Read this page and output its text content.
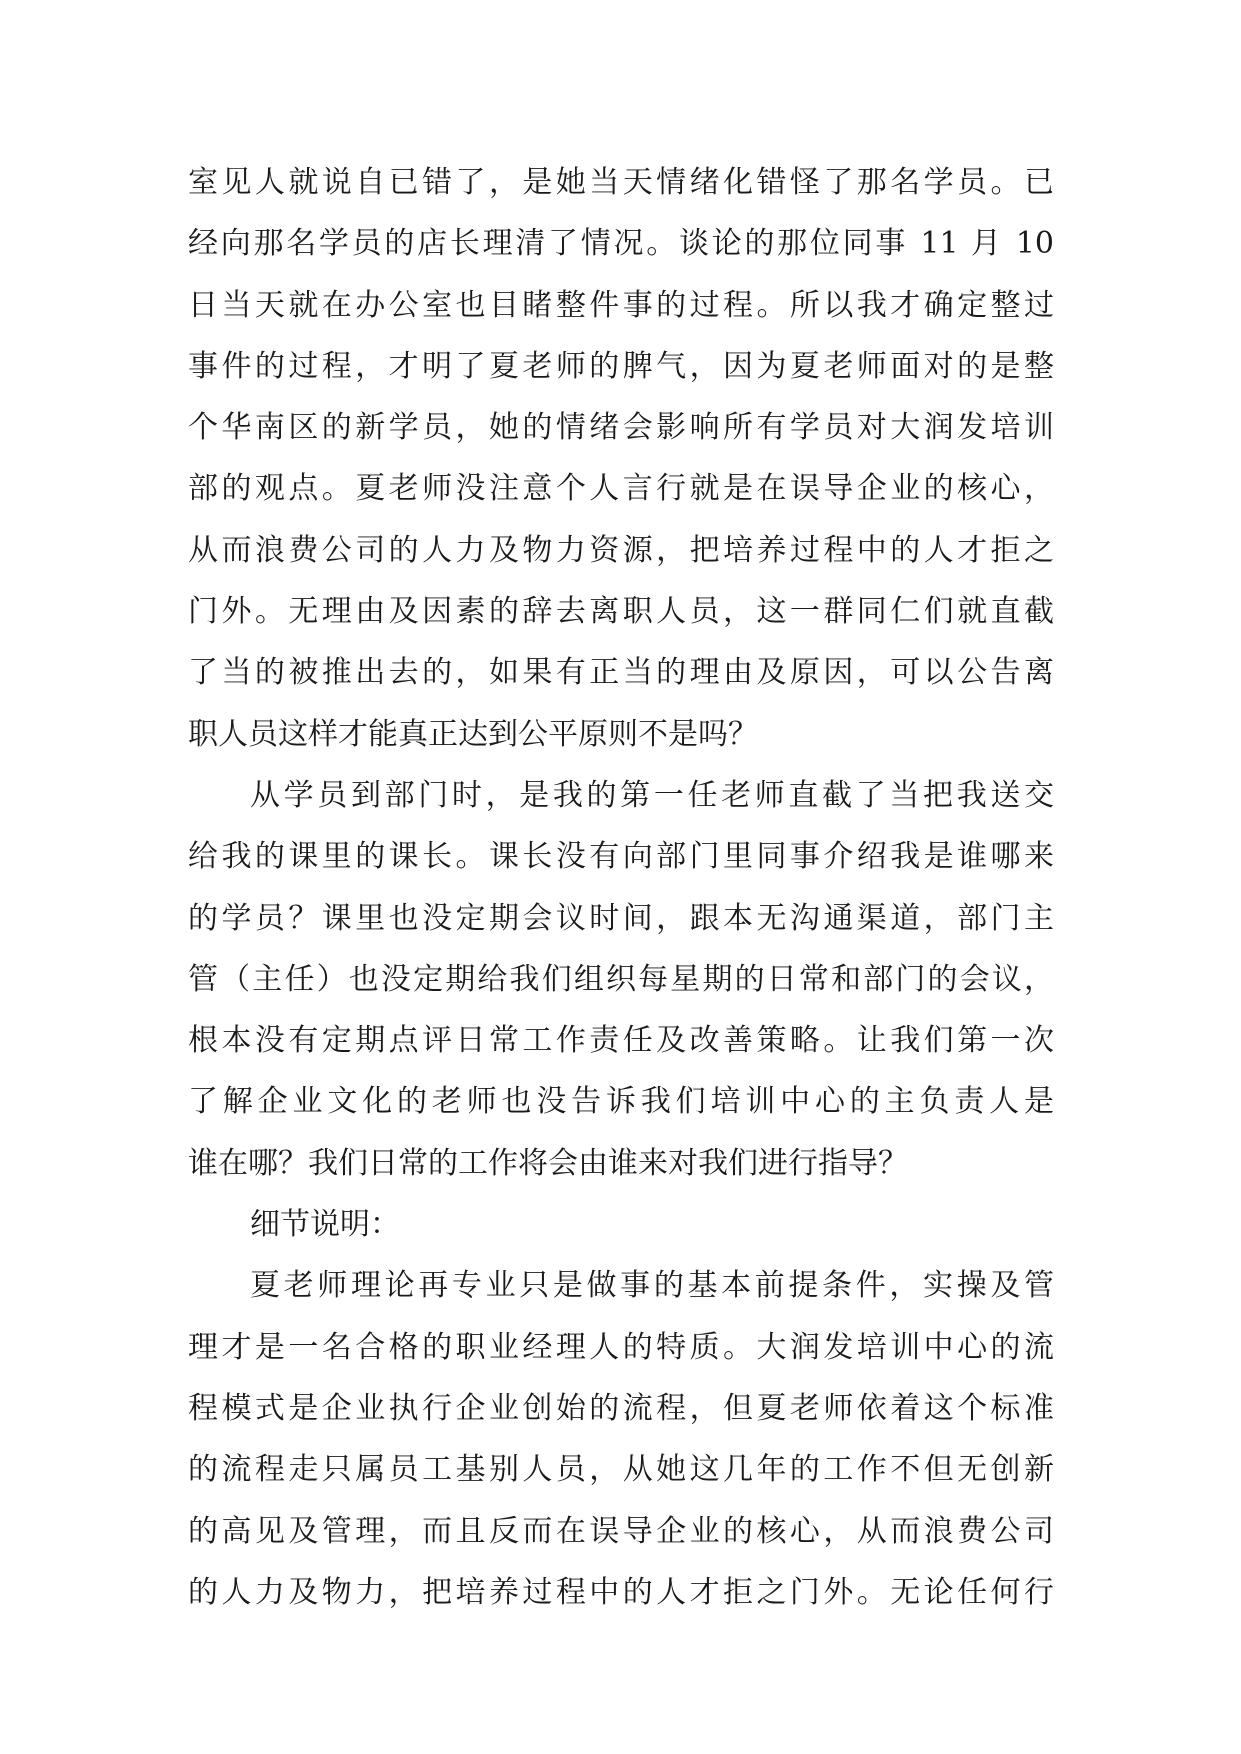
室见人就说自已错了，是她当天情绪化错怪了那名学员。已
经向那名学员的店长理清了情况。谈论的那位同事 11 月 10
日当天就在办公室也目睹整件事的过程。所以我才确定整过
事件的过程，才明了夏老师的脾气，因为夏老师面对的是整
个华南区的新学员，她的情绪会影响所有学员对大润发培训
部的观点。夏老师没注意个人言行就是在误导企业的核心，
从而浪费公司的人力及物力资源，把培养过程中的人才拒之
门外。无理由及因素的辞去离职人员，这一群同仁们就直截
了当的被推出去的，如果有正当的理由及原因，可以公告离
职人员这样才能真正达到公平原则不是吗？
从学员到部门时，是我的第一任老师直截了当把我送交
给我的课里的课长。课长没有向部门里同事介绍我是谁哪来
的学员？课里也没定期会议时间，跟本无沟通渠道，部门主
管（主任）也没定期给我们组织每星期的日常和部门的会议，
根本没有定期点评日常工作责任及改善策略。让我们第一次
了解企业文化的老师也没告诉我们培训中心的主负责人是
谁在哪？我们日常的工作将会由谁来对我们进行指导？
细节说明：
夏老师理论再专业只是做事的基本前提条件，实操及管
理才是一名合格的职业经理人的特质。大润发培训中心的流
程模式是企业执行企业创始的流程，但夏老师依着这个标准
的流程走只属员工基别人员，从她这几年的工作不但无创新
的高见及管理，而且反而在误导企业的核心，从而浪费公司
的人力及物力，把培养过程中的人才拒之门外。无论任何行
